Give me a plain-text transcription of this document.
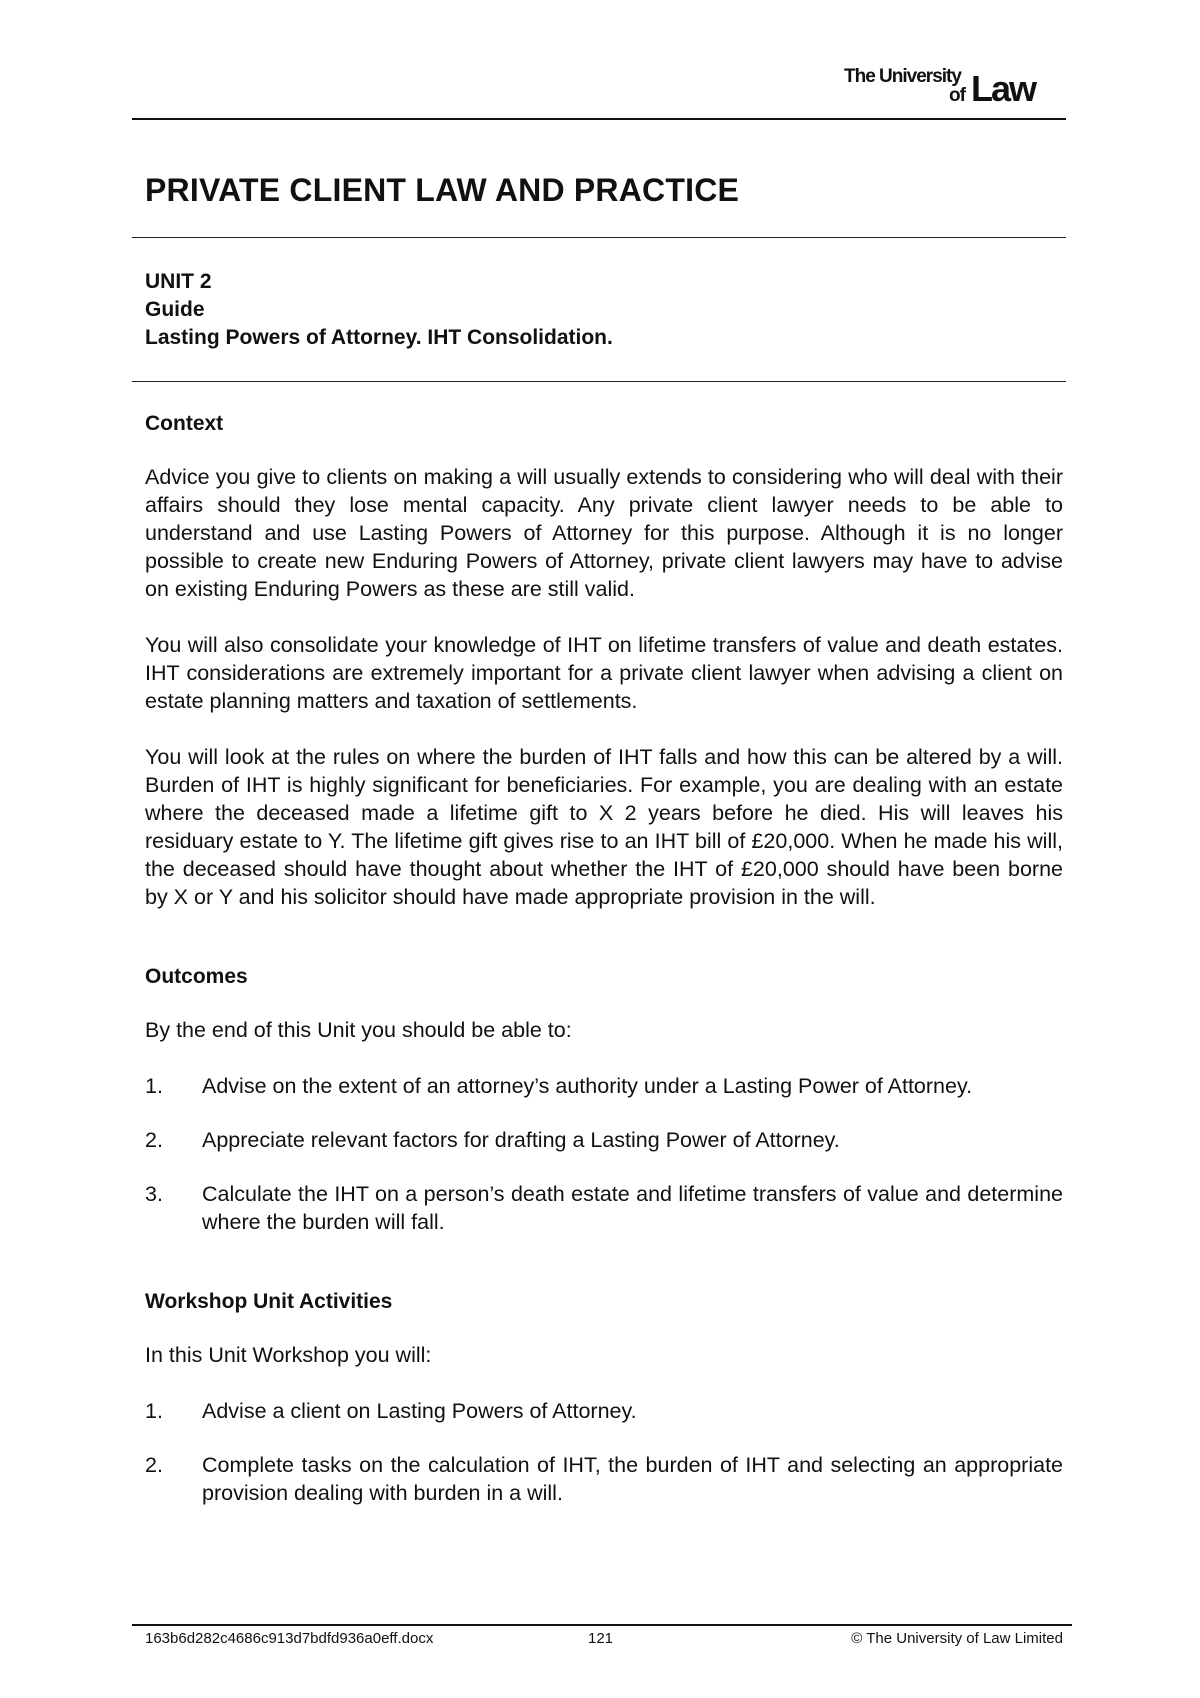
The University
of Law
PRIVATE CLIENT LAW AND PRACTICE
UNIT 2
Guide
Lasting Powers of Attorney. IHT Consolidation.
Context

Advice you give to clients on making a will usually extends to considering who will deal with their affairs should they lose mental capacity. Any private client lawyer needs to be able to understand and use Lasting Powers of Attorney for this purpose. Although it is no longer possible to create new Enduring Powers of Attorney, private client lawyers may have to advise on existing Enduring Powers as these are still valid.

You will also consolidate your knowledge of IHT on lifetime transfers of value and death estates. IHT considerations are extremely important for a private client lawyer when advising a client on estate planning matters and taxation of settlements.

You will look at the rules on where the burden of IHT falls and how this can be altered by a will. Burden of IHT is highly significant for beneficiaries. For example, you are dealing with an estate where the deceased made a lifetime gift to X 2 years before he died. His will leaves his residuary estate to Y. The lifetime gift gives rise to an IHT bill of £20,000. When he made his will, the deceased should have thought about whether the IHT of £20,000 should have been borne by X or Y and his solicitor should have made appropriate provision in the will.

Outcomes

By the end of this Unit you should be able to:

1.	Advise on the extent of an attorney’s authority under a Lasting Power of Attorney.
2.	Appreciate relevant factors for drafting a Lasting Power of Attorney.
3.	Calculate the IHT on a person’s death estate and lifetime transfers of value and determine where the burden will fall.
Workshop Unit Activities

In this Unit Workshop you will:

1.	Advise a client on Lasting Powers of Attorney.
2.	Complete tasks on the calculation of IHT, the burden of IHT and selecting an appropriate provision dealing with burden in a will.
163b6d282c4686c913d7bdfd936a0eff.docx	121	© The University of Law Limited
